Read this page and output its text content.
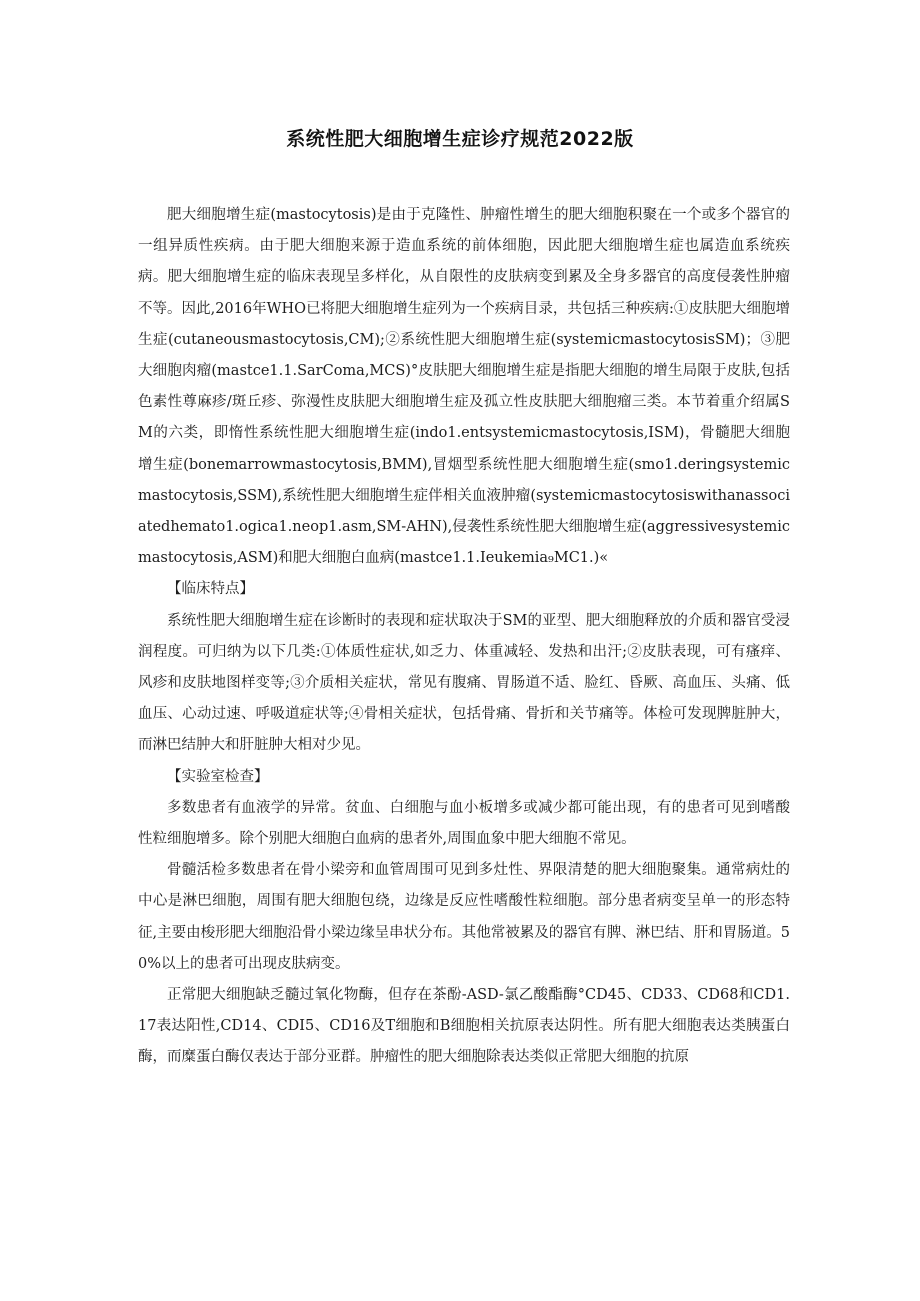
系统性肥大细胞增生症诊疗规范2022版

肥大细胞增生症(mastocytosis)是由于克隆性、肿瘤性增生的肥大细胞积聚在一个或多个器官的一组异质性疾病。由于肥大细胞来源于造血系统的前体细胞，因此肥大细胞增生症也属造血系统疾病。肥大细胞增生症的临床表现呈多样化，从自限性的皮肤病变到累及全身多器官的高度侵袭性肿瘤不等。因此,2016年WHO已将肥大细胞增生症列为一个疾病目录，共包括三种疾病:①皮肤肥大细胞增生症(cutaneousmastocytosis,CM);②系统性肥大细胞增生症(systemicmastocytosisSM)；③肥大细胞肉瘤(mastce1.1.SarComa,MCS)°皮肤肥大细胞增生症是指肥大细胞的增生局限于皮肤,包括色素性尊麻疹/斑丘疹、弥漫性皮肤肥大细胞增生症及孤立性皮肤肥大细胞瘤三类。本节着重介绍属SM的六类，即惰性系统性肥大细胞增生症(indo1.entsystemicmastocytosis,ISM)，骨髓肥大细胞增生症(bonemarrowmastocytosis,BMM),冒烟型系统性肥大细胞增生症(smo1.deringsystemicmastocytosis,SSM),系统性肥大细胞增生症伴相关血液肿瘤(systemicmastocytosiswithanassociatedhemato1.ogica1.neop1.asm,SM-AHN),侵袭性系统性肥大细胞增生症(aggressivesystemicmastocytosis,ASM)和肥大细胞白血病(mastce1.1.Ieukemia₉MC1.)«

【临床特点】

系统性肥大细胞增生症在诊断时的表现和症状取决于SM的亚型、肥大细胞释放的介质和器官受浸润程度。可归纳为以下几类:①体质性症状,如乏力、体重减轻、发热和出汗;②皮肤表现，可有瘙痒、风疹和皮肤地图样变等;③介质相关症状，常见有腹痛、胃肠道不适、脸红、昏厥、高血压、头痛、低血压、心动过速、呼吸道症状等;④骨相关症状，包括骨痛、骨折和关节痛等。体检可发现脾脏肿大，而淋巴结肿大和肝脏肿大相对少见。

【实验室检查】

多数患者有血液学的异常。贫血、白细胞与血小板增多或减少都可能出现，有的患者可见到嗜酸性粒细胞增多。除个别肥大细胞白血病的患者外,周围血象中肥大细胞不常见。

骨髓活检多数患者在骨小梁旁和血管周围可见到多灶性、界限清楚的肥大细胞聚集。通常病灶的中心是淋巴细胞，周围有肥大细胞包绕，边缘是反应性嗜酸性粒细胞。部分患者病变呈单一的形态特征,主要由梭形肥大细胞沿骨小梁边缘呈串状分布。其他常被累及的器官有脾、淋巴结、肝和胃肠道。50%以上的患者可出现皮肤病变。

正常肥大细胞缺乏髓过氧化物酶，但存在茶酚-ASD-氯乙酸酯酶°CD45、CD33、CD68和CD1.17表达阳性,CD14、CDI5、CD16及T细胞和B细胞相关抗原表达阴性。所有肥大细胞表达类胰蛋白酶，而糜蛋白酶仅表达于部分亚群。肿瘤性的肥大细胞除表达类似正常肥大细胞的抗原
